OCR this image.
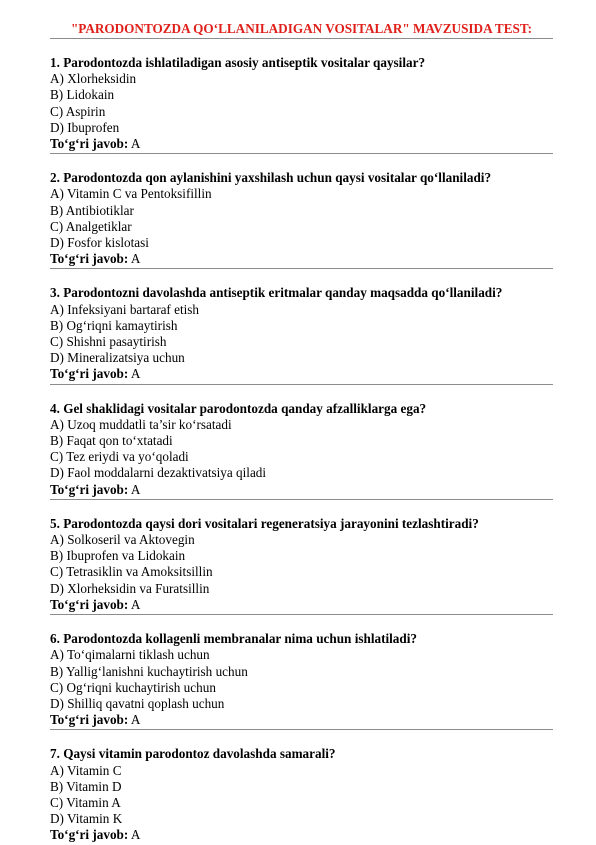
"PARODONTOZDA QO‘LLANILADIGAN VOSITALAR" MAVZUSIDA TEST:
1. Parodontozda ishlatiladigan asosiy antiseptik vositalar qaysilar?
A) Xlorheksidin
B) Lidokain
C) Aspirin
D) Ibuprofen
To‘g‘ri javob: A
2. Parodontozda qon aylanishini yaxshilash uchun qaysi vositalar qo‘llaniladi?
A) Vitamin C va Pentoksifillin
B) Antibiotiklar
C) Analgetiklar
D) Fosfor kislotasi
To‘g‘ri javob: A
3. Parodontozni davolashda antiseptik eritmalar qanday maqsadda qo‘llaniladi?
A) Infeksiyani bartaraf etish
B) Og‘riqni kamaytirish
C) Shishni pasaytirish
D) Mineralizatsiya uchun
To‘g‘ri javob: A
4. Gel shaklidagi vositalar parodontozda qanday afzalliklarga ega?
A) Uzoq muddatli ta’sir ko‘rsatadi
B) Faqat qon to‘xtatadi
C) Tez eriydi va yo‘qoladi
D) Faol moddalarni dezaktivatsiya qiladi
To‘g‘ri javob: A
5. Parodontozda qaysi dori vositalari regeneratsiya jarayonini tezlashtiradi?
A) Solkoseril va Aktovegin
B) Ibuprofen va Lidokain
C) Tetrasiklin va Amoksitsillin
D) Xlorheksidin va Furatsillin
To‘g‘ri javob: A
6. Parodontozda kollagenli membranalar nima uchun ishlatiladi?
A) To‘qimalarni tiklash uchun
B) Yallig‘lanishni kuchaytirish uchun
C) Og‘riqni kuchaytirish uchun
D) Shilliq qavatni qoplash uchun
To‘g‘ri javob: A
7. Qaysi vitamin parodontoz davolashda samarali?
A) Vitamin C
B) Vitamin D
C) Vitamin A
D) Vitamin K
To‘g‘ri javob: A
